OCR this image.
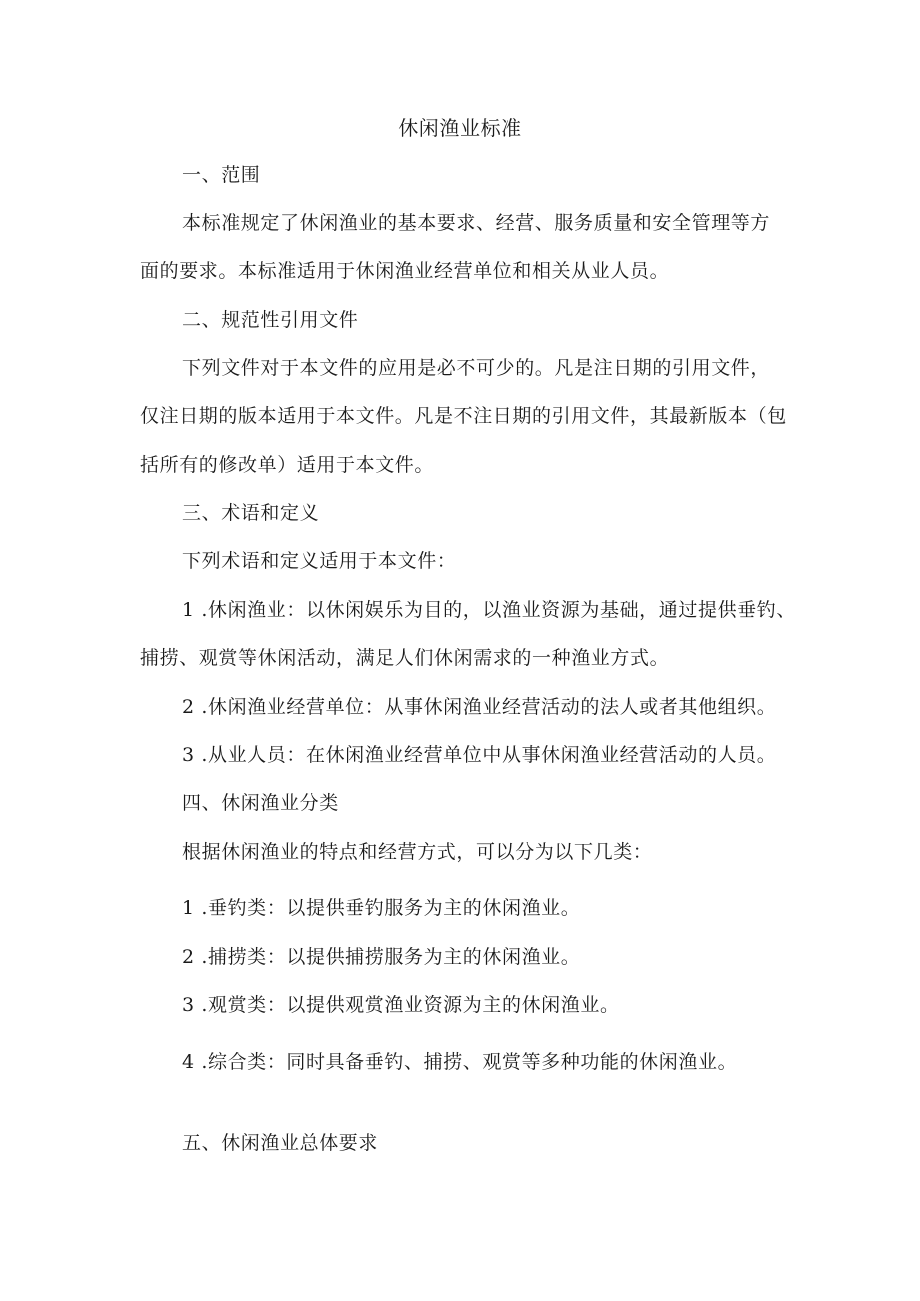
休闲渔业标准
一、范围
本标准规定了休闲渔业的基本要求、经营、服务质量和安全管理等方
面的要求。本标准适用于休闲渔业经营单位和相关从业人员。
二、规范性引用文件
下列文件对于本文件的应用是必不可少的。凡是注日期的引用文件，
仅注日期的版本适用于本文件。凡是不注日期的引用文件，其最新版本（包
括所有的修改单）适用于本文件。
三、术语和定义
下列术语和定义适用于本文件：
1 .休闲渔业：以休闲娱乐为目的，以渔业资源为基础，通过提供垂钓、
捕捞、观赏等休闲活动，满足人们休闲需求的一种渔业方式。
2 .休闲渔业经营单位：从事休闲渔业经营活动的法人或者其他组织。
3 .从业人员：在休闲渔业经营单位中从事休闲渔业经营活动的人员。
四、休闲渔业分类
根据休闲渔业的特点和经营方式，可以分为以下几类：
1 .垂钓类：以提供垂钓服务为主的休闲渔业。
2 .捕捞类：以提供捕捞服务为主的休闲渔业。
3 .观赏类：以提供观赏渔业资源为主的休闲渔业。
4 .综合类：同时具备垂钓、捕捞、观赏等多种功能的休闲渔业。
五、休闲渔业总体要求
